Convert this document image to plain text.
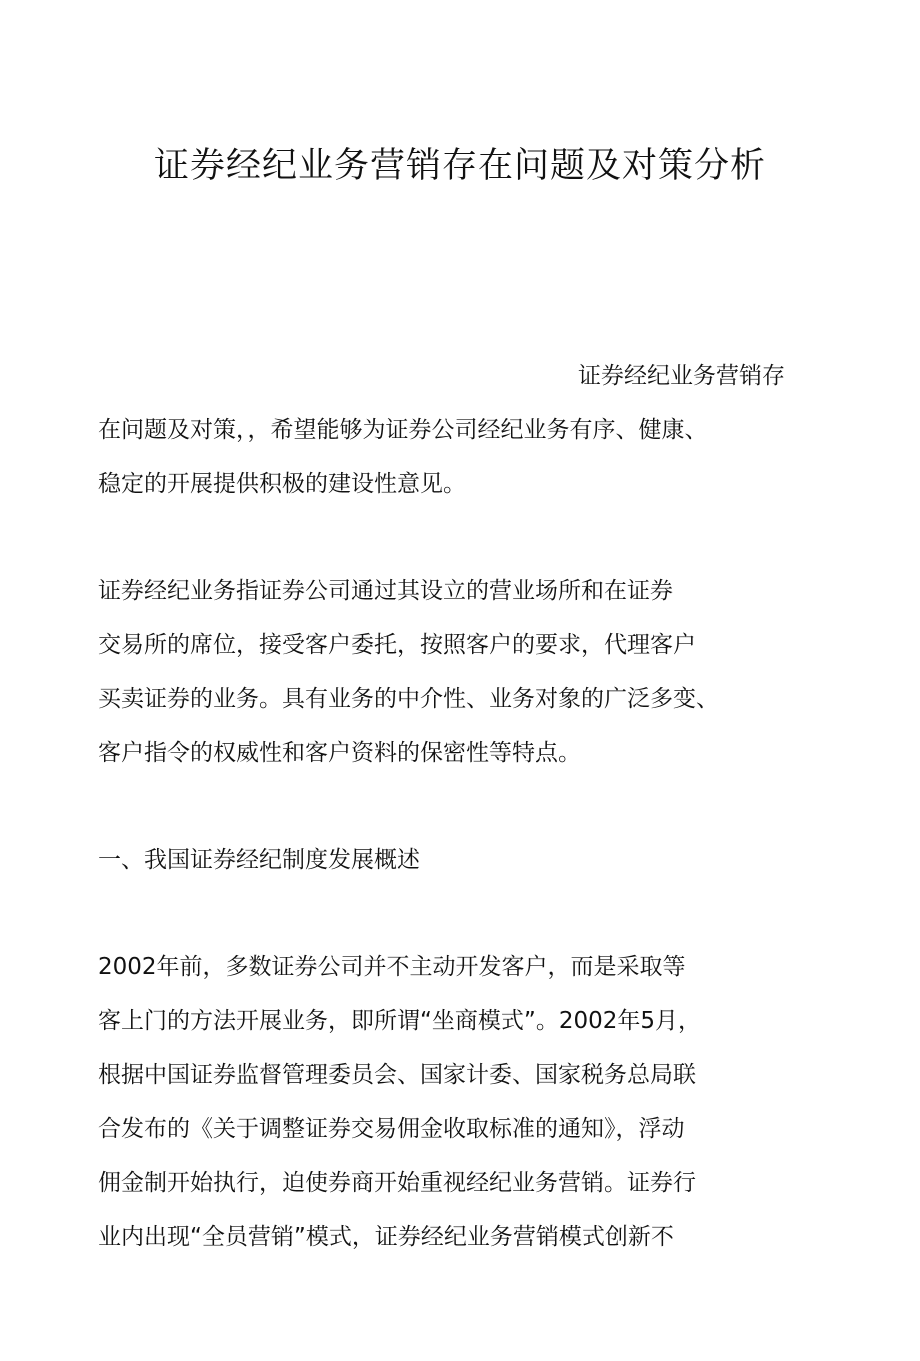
证券经纪业务营销存在问题及对策分析

证券经纪业务营销存

在问题及对策，，希望能够为证券公司经纪业务有序、健康、

稳定的开展提供积极的建设性意见。

证券经纪业务指证券公司通过其设立的营业场所和在证券

交易所的席位，接受客户委托，按照客户的要求，代理客户

买卖证券的业务。具有业务的中介性、业务对象的广泛多变、

客户指令的权威性和客户资料的保密性等特点。

一、我国证券经纪制度发展概述

2002年前，多数证券公司并不主动开发客户，而是采取等

客上门的方法开展业务，即所谓“坐商模式”。2002年5月，

根据中国证券监督管理委员会、国家计委、国家税务总局联

合发布的《关于调整证券交易佣金收取标准的通知》，浮动

佣金制开始执行，迫使券商开始重视经纪业务营销。证券行

业内出现“全员营销”模式，证券经纪业务营销模式创新不
